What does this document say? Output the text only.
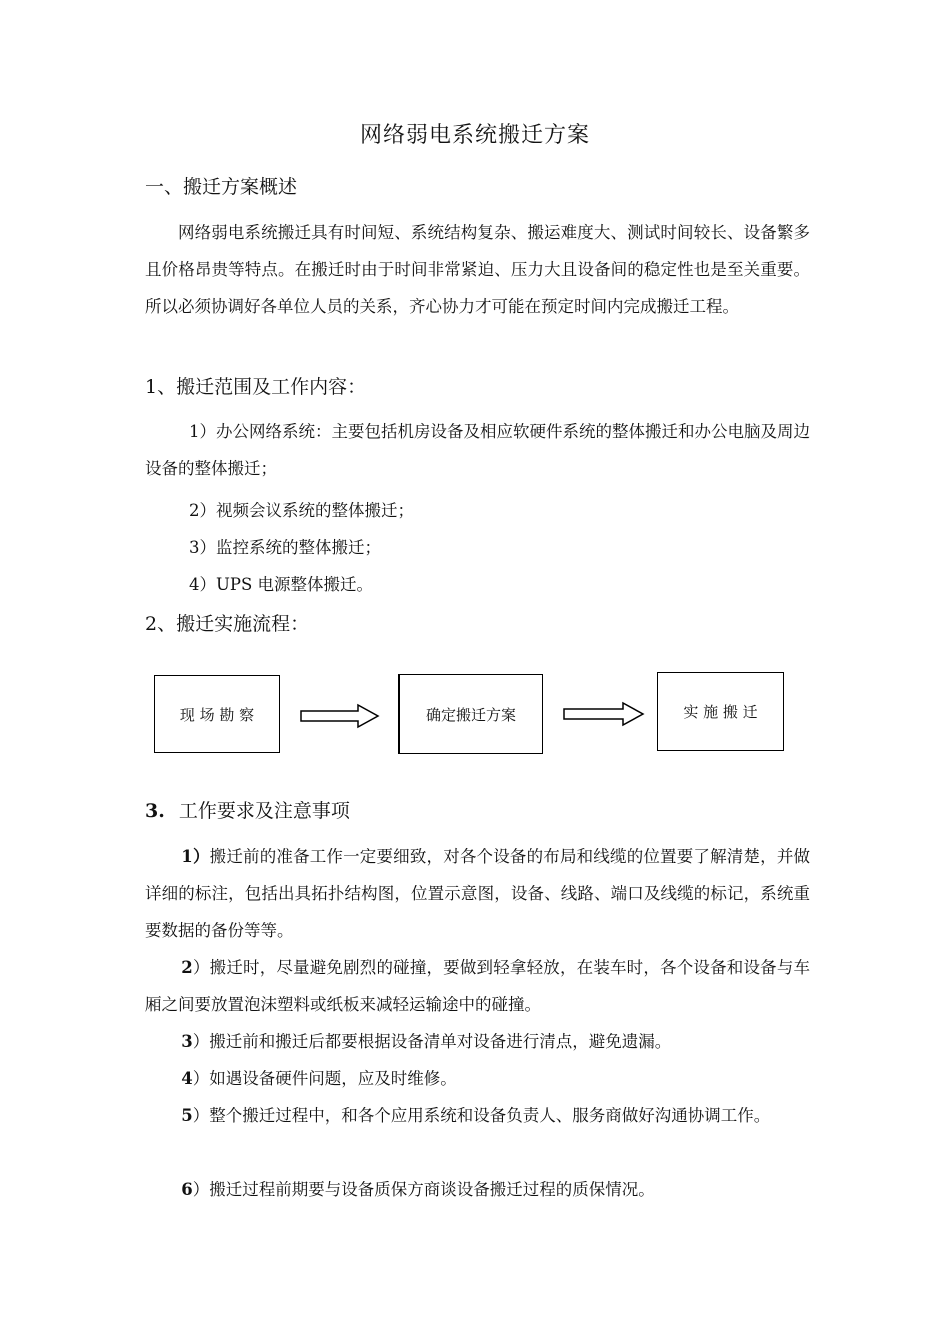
网络弱电系统搬迁方案
一、搬迁方案概述
网络弱电系统搬迁具有时间短、系统结构复杂、搬运难度大、测试时间较长、设备繁多且价格昂贵等特点。在搬迁时由于时间非常紧迫、压力大且设备间的稳定性也是至关重要。所以必须协调好各单位人员的关系，齐心协力才可能在预定时间内完成搬迁工程。
1、搬迁范围及工作内容：
1）办公网络系统：主要包括机房设备及相应软硬件系统的整体搬迁和办公电脑及周边设备的整体搬迁；
2）视频会议系统的整体搬迁；
3）监控系统的整体搬迁；
4）UPS 电源整体搬迁。
2、搬迁实施流程：
现 场 勘 察	确定搬迁方案	实 施 搬 迁
3. 工作要求及注意事项
1）搬迁前的准备工作一定要细致，对各个设备的布局和线缆的位置要了解清楚，并做详细的标注，包括出具拓扑结构图，位置示意图，设备、线路、端口及线缆的标记，系统重要数据的备份等等。
2）搬迁时，尽量避免剧烈的碰撞，要做到轻拿轻放，在装车时，各个设备和设备与车厢之间要放置泡沫塑料或纸板来减轻运输途中的碰撞。
3）搬迁前和搬迁后都要根据设备清单对设备进行清点，避免遗漏。
4）如遇设备硬件问题，应及时维修。
5）整个搬迁过程中，和各个应用系统和设备负责人、服务商做好沟通协调工作。
6）搬迁过程前期要与设备质保方商谈设备搬迁过程的质保情况。
